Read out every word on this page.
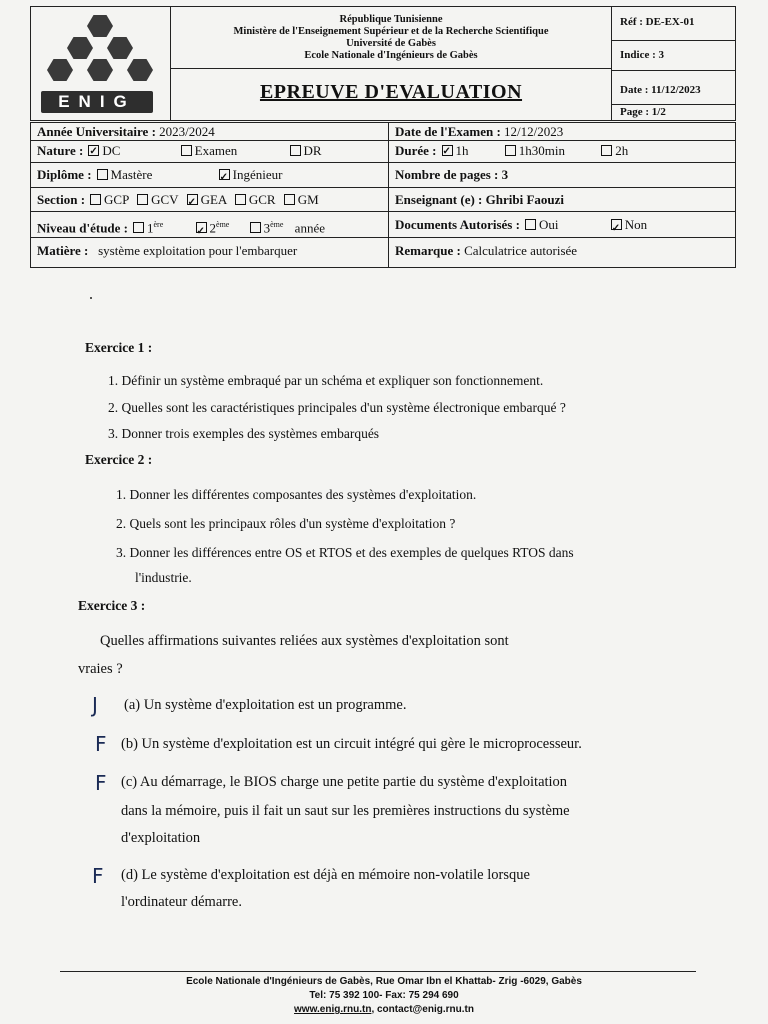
ENIG
République Tunisienne
Ministère de l'Enseignement Supérieur et de la Recherche Scientifique
Université de Gabès
Ecole Nationale d'Ingénieurs de Gabès
EPREUVE D'EVALUATION
Réf : DE-EX-01
Indice : 3
Date : 11/12/2023
Page : 1/2
Année Universitaire : 2023/2024	Date de l'Examen : 12/12/2023
Nature : ✓ DC	Examen	DR	Durée : ✓ 1h	1h30min	2h
Diplôme : Mastère ✓	Ingénieur	Nombre de pages : 3
Section : GCP GCV ✓ GEA GCR GM	Enseignant (e) : Ghribi Faouzi
Niveau d'étude : 1ère ✓	2ème	3ème année	Documents Autorisés : Oui ✓	Non
Matière : système exploitation pour l'embarquer	Remarque : Calculatrice autorisée
Exercice 1 :
1. Définir un système embraqué par un schéma et expliquer son fonctionnement.
2. Quelles sont les caractéristiques principales d'un système électronique embarqué ?
3. Donner trois exemples des systèmes embarqués
Exercice 2 :
1. Donner les différentes composantes des systèmes d'exploitation.
2. Quels sont les principaux rôles d'un système d'exploitation ?
3. Donner les différences entre OS et RTOS et des exemples de quelques RTOS dans
l'industrie.
Exercice 3 :
Quelles affirmations suivantes reliées aux systèmes d'exploitation sont
vraies ?
J (a) Un système d'exploitation est un programme.
F (b) Un système d'exploitation est un circuit intégré qui gère le microprocesseur.
F (c) Au démarrage, le BIOS charge une petite partie du système d'exploitation
dans la mémoire, puis il fait un saut sur les premières instructions du système
d'exploitation
F (d) Le système d'exploitation est déjà en mémoire non-volatile lorsque
l'ordinateur démarre.
Ecole Nationale d'Ingénieurs de Gabès, Rue Omar Ibn el Khattab- Zrig -6029, Gabès
Tel: 75 392 100- Fax: 75 294 690
www.enig.rnu.tn, contact@enig.rnu.tn
